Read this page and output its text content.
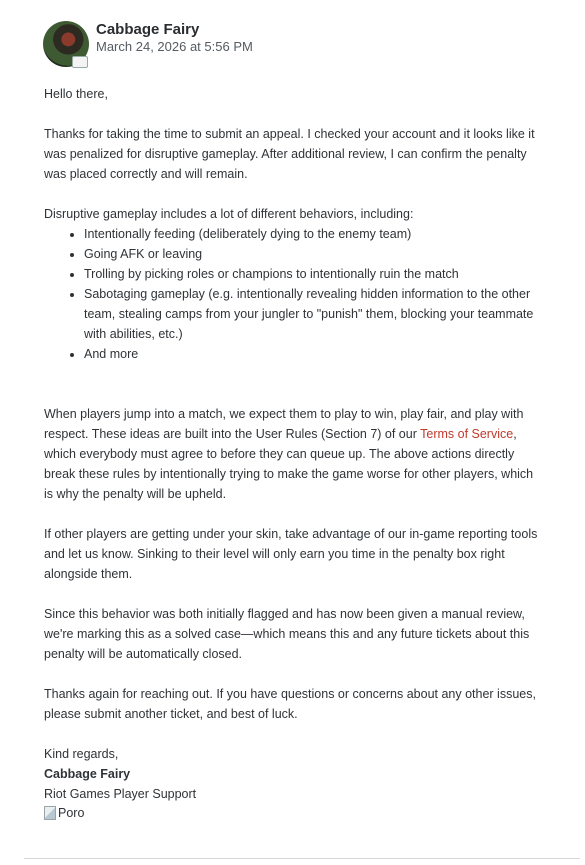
Cabbage Fairy
March 24, 2026 at 5:56 PM

Hello there,

Thanks for taking the time to submit an appeal. I checked your account and it looks like it was penalized for disruptive gameplay. After additional review, I can confirm the penalty was placed correctly and will remain.

Disruptive gameplay includes a lot of different behaviors, including:

• Intentionally feeding (deliberately dying to the enemy team)
• Going AFK or leaving
• Trolling by picking roles or champions to intentionally ruin the match
• Sabotaging gameplay (e.g. intentionally revealing hidden information to the other team, stealing camps from your jungler to "punish" them, blocking your teammate with abilities, etc.)
• And more

When players jump into a match, we expect them to play to win, play fair, and play with respect. These ideas are built into the User Rules (Section 7) of our Terms of Service, which everybody must agree to before they can queue up. The above actions directly break these rules by intentionally trying to make the game worse for other players, which is why the penalty will be upheld.

If other players are getting under your skin, take advantage of our in-game reporting tools and let us know. Sinking to their level will only earn you time in the penalty box right alongside them.

Since this behavior was both initially flagged and has now been given a manual review, we're marking this as a solved case—which means this and any future tickets about this penalty will be automatically closed.

Thanks again for reaching out. If you have questions or concerns about any other issues, please submit another ticket, and best of luck.

Kind regards,

Cabbage Fairy

Riot Games Player Support

Poro
